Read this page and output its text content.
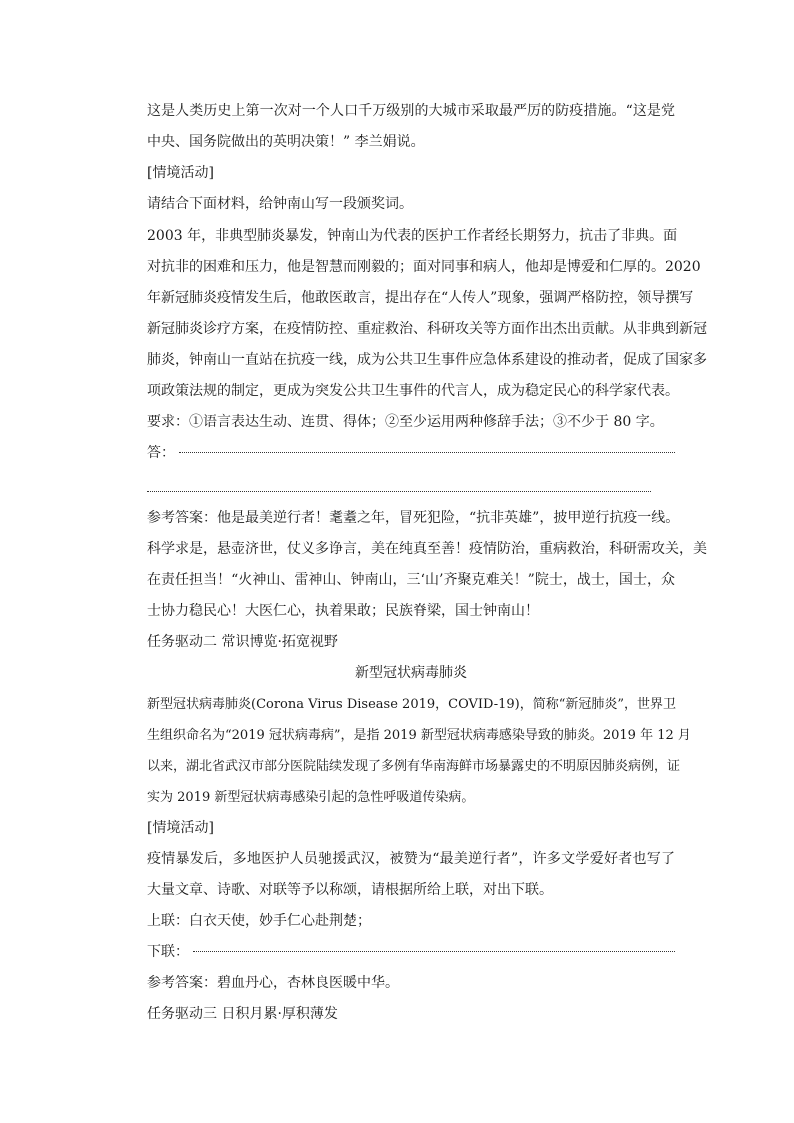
这是人类历史上第一次对一个人口千万级别的大城市采取最严厉的防疫措施。“这是党
中央、国务院做出的英明决策！” 李兰娟说。
[情境活动]
请结合下面材料，给钟南山写一段颁奖词。
2003 年，非典型肺炎暴发，钟南山为代表的医护工作者经长期努力，抗击了非典。面
对抗非的困难和压力，他是智慧而刚毅的；面对同事和病人，他却是博爱和仁厚的。2020
年新冠肺炎疫情发生后，他敢医敢言，提出存在“人传人”现象，强调严格防控，领导撰写
新冠肺炎诊疗方案，在疫情防控、重症救治、科研攻关等方面作出杰出贡献。从非典到新冠
肺炎，钟南山一直站在抗疫一线，成为公共卫生事件应急体系建设的推动者，促成了国家多
项政策法规的制定，更成为突发公共卫生事件的代言人，成为稳定民心的科学家代表。
要求：①语言表达生动、连贯、得体；②至少运用两种修辞手法；③不少于 80 字。
答：
参考答案：他是最美逆行者！耄耋之年，冒死犯险，“抗非英雄”，披甲逆行抗疫一线。
科学求是，悬壶济世，仗义多诤言，美在纯真至善！疫情防治，重病救治，科研需攻关，美
在责任担当！“火神山、雷神山、钟南山，三‘山’齐聚克难关！”院士，战士，国士，众
士协力稳民心！大医仁心，执着果敢；民族脊梁，国士钟南山！
任务驱动二 常识博览·拓宽视野
新型冠状病毒肺炎
新型冠状病毒肺炎(Corona Virus Disease 2019，COVID-19)，简称“新冠肺炎”，世界卫
生组织命名为“2019 冠状病毒病”，是指 2019 新型冠状病毒感染导致的肺炎。2019 年 12 月
以来，湖北省武汉市部分医院陆续发现了多例有华南海鲜市场暴露史的不明原因肺炎病例，证
实为 2019 新型冠状病毒感染引起的急性呼吸道传染病。
[情境活动]
疫情暴发后，多地医护人员驰援武汉，被赞为“最美逆行者”，许多文学爱好者也写了
大量文章、诗歌、对联等予以称颂，请根据所给上联，对出下联。
上联：白衣天使，妙手仁心赴荆楚；
下联：
参考答案：碧血丹心，杏林良医暖中华。
任务驱动三 日积月累·厚积薄发
